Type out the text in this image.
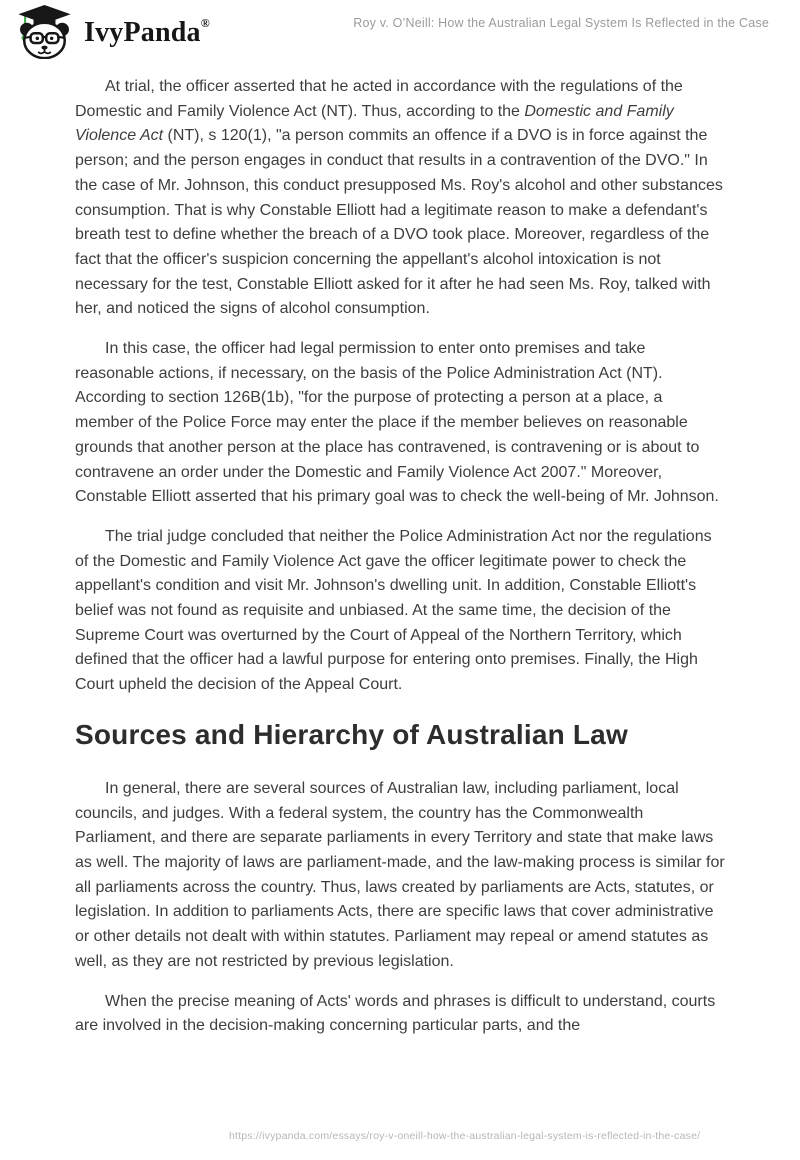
IvyPanda®	Roy v. O’Neill: How the Australian Legal System Is Reflected in the Case

At trial, the officer asserted that he acted in accordance with the regulations of the Domestic and Family Violence Act (NT). Thus, according to the Domestic and Family Violence Act (NT), s 120(1), "a person commits an offence if a DVO is in force against the person; and the person engages in conduct that results in a contravention of the DVO." In the case of Mr. Johnson, this conduct presupposed Ms. Roy's alcohol and other substances consumption. That is why Constable Elliott had a legitimate reason to make a defendant's breath test to define whether the breach of a DVO took place. Moreover, regardless of the fact that the officer's suspicion concerning the appellant's alcohol intoxication is not necessary for the test, Constable Elliott asked for it after he had seen Ms. Roy, talked with her, and noticed the signs of alcohol consumption.

In this case, the officer had legal permission to enter onto premises and take reasonable actions, if necessary, on the basis of the Police Administration Act (NT). According to section 126B(1b), "for the purpose of protecting a person at a place, a member of the Police Force may enter the place if the member believes on reasonable grounds that another person at the place has contravened, is contravening or is about to contravene an order under the Domestic and Family Violence Act 2007." Moreover, Constable Elliott asserted that his primary goal was to check the well-being of Mr. Johnson.

The trial judge concluded that neither the Police Administration Act nor the regulations of the Domestic and Family Violence Act gave the officer legitimate power to check the appellant's condition and visit Mr. Johnson's dwelling unit. In addition, Constable Elliott's belief was not found as requisite and unbiased. At the same time, the decision of the Supreme Court was overturned by the Court of Appeal of the Northern Territory, which defined that the officer had a lawful purpose for entering onto premises. Finally, the High Court upheld the decision of the Appeal Court.

Sources and Hierarchy of Australian Law

In general, there are several sources of Australian law, including parliament, local councils, and judges. With a federal system, the country has the Commonwealth Parliament, and there are separate parliaments in every Territory and state that make laws as well. The majority of laws are parliament-made, and the law-making process is similar for all parliaments across the country. Thus, laws created by parliaments are Acts, statutes, or legislation. In addition to parliaments Acts, there are specific laws that cover administrative or other details not dealt with within statutes. Parliament may repeal or amend statutes as well, as they are not restricted by previous legislation.

When the precise meaning of Acts' words and phrases is difficult to understand, courts are involved in the decision-making concerning particular parts, and the

https://ivypanda.com/essays/roy-v-oneill-how-the-australian-legal-system-is-reflected-in-the-case/
